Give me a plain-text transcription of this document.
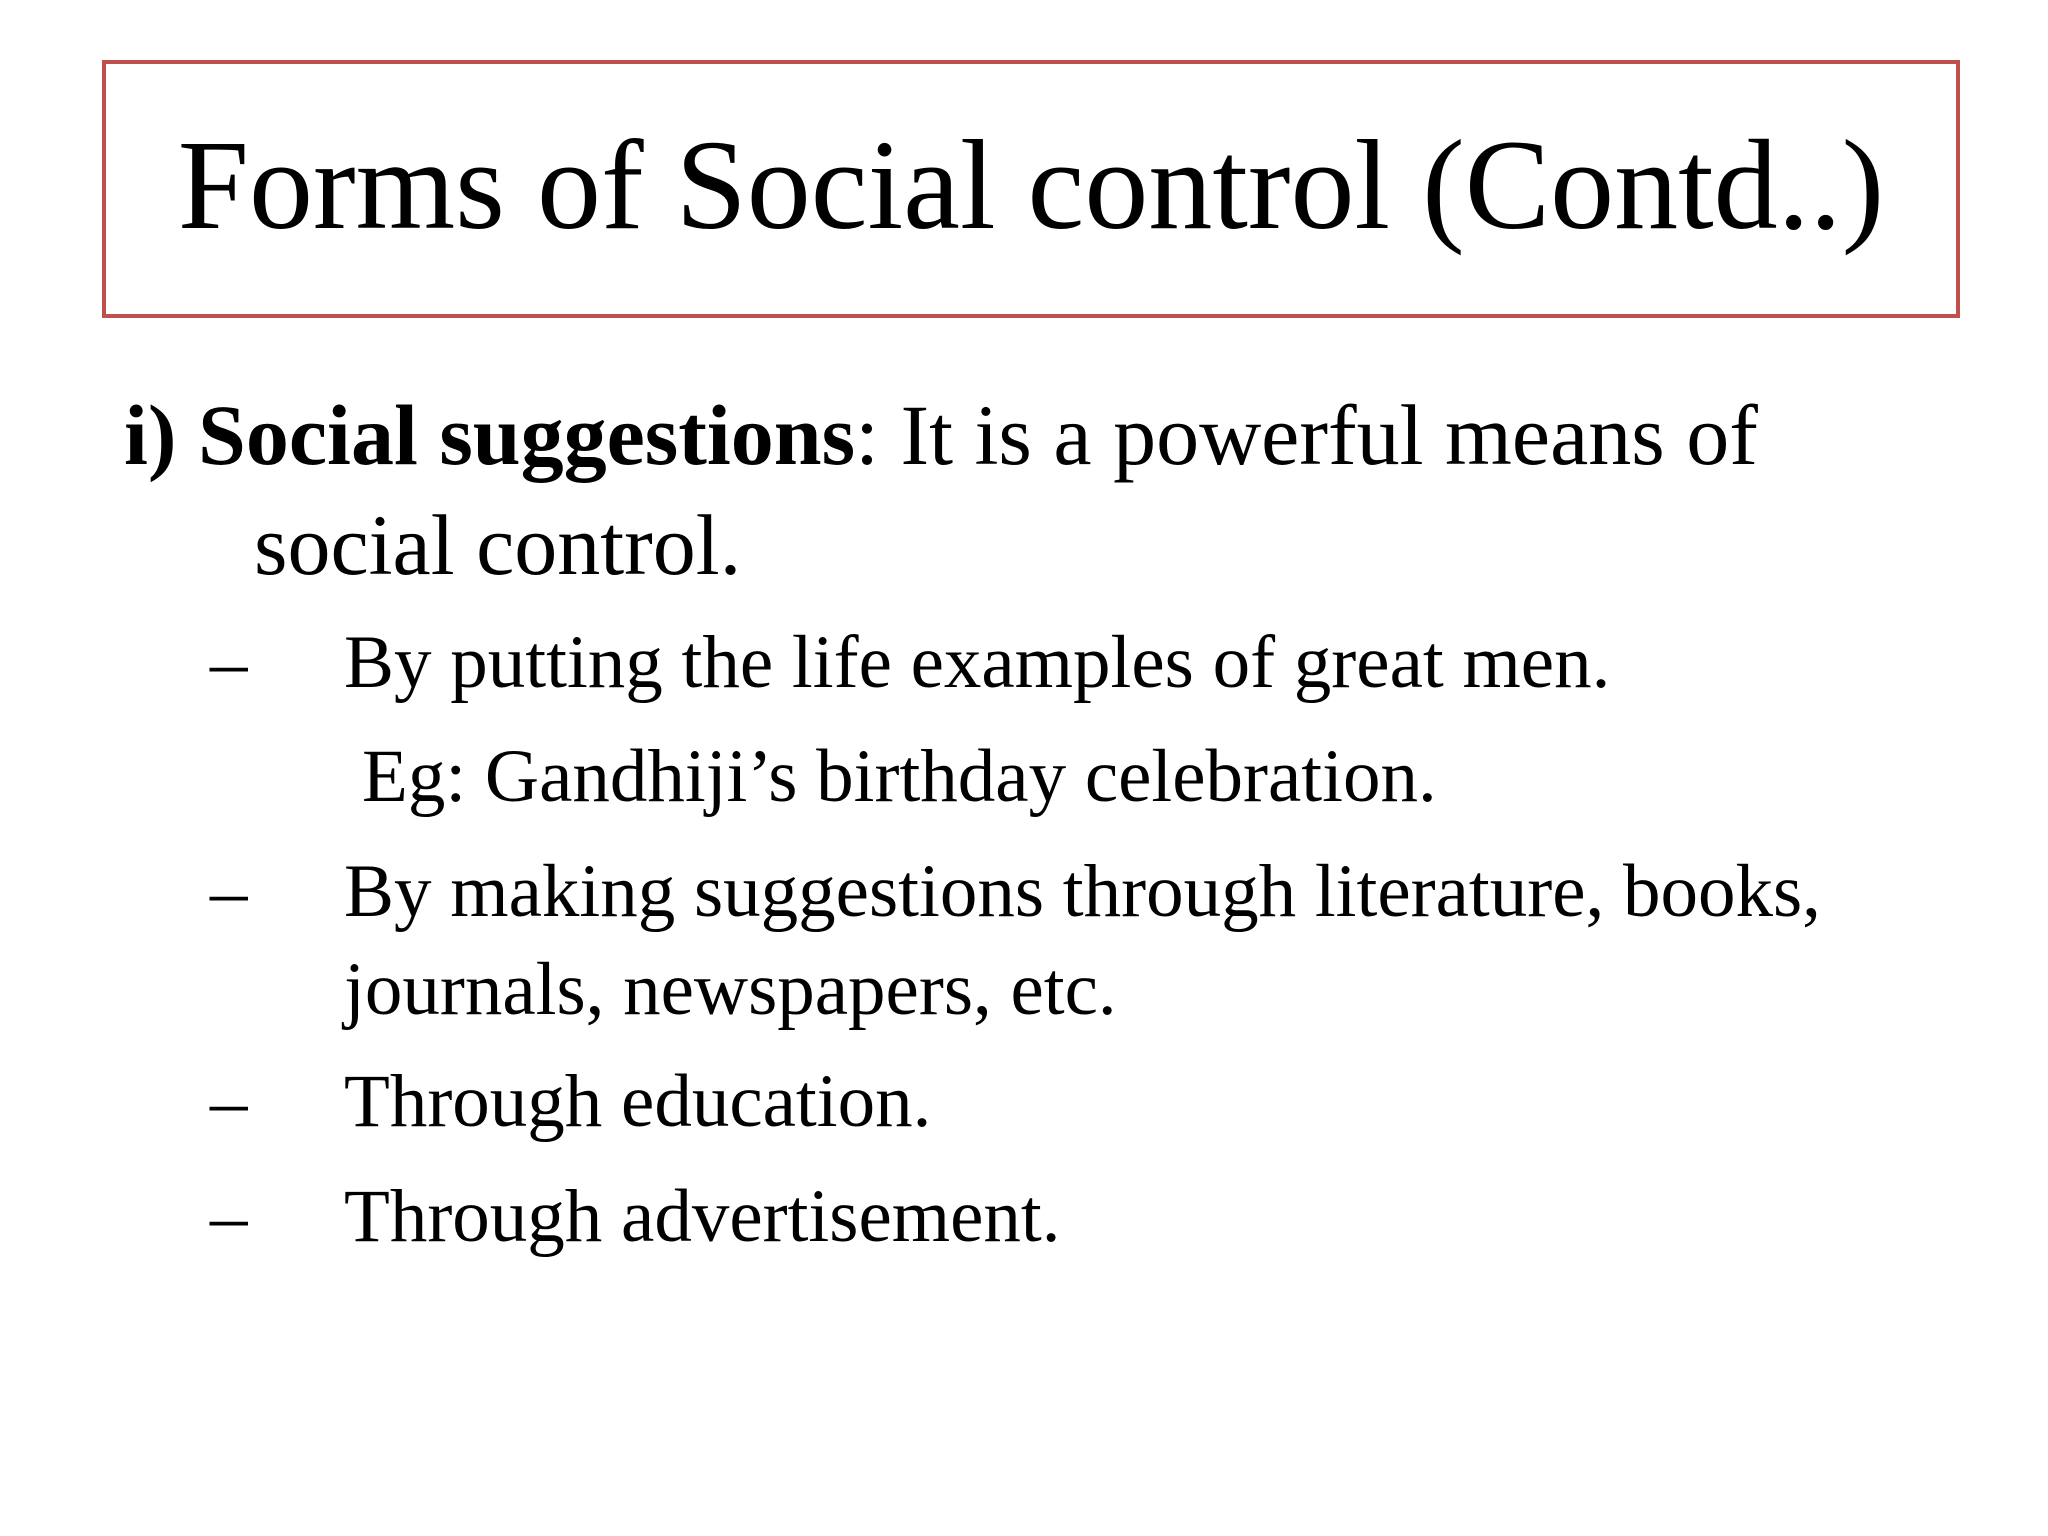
Forms of Social control (Contd..)
i) Social suggestions: It is a powerful means of
social control.
–	By putting the life examples of great men.
Eg: Gandhiji’s birthday celebration.
–	By making suggestions through literature, books,
journals, newspapers, etc.
–	Through education.
–	Through advertisement.
